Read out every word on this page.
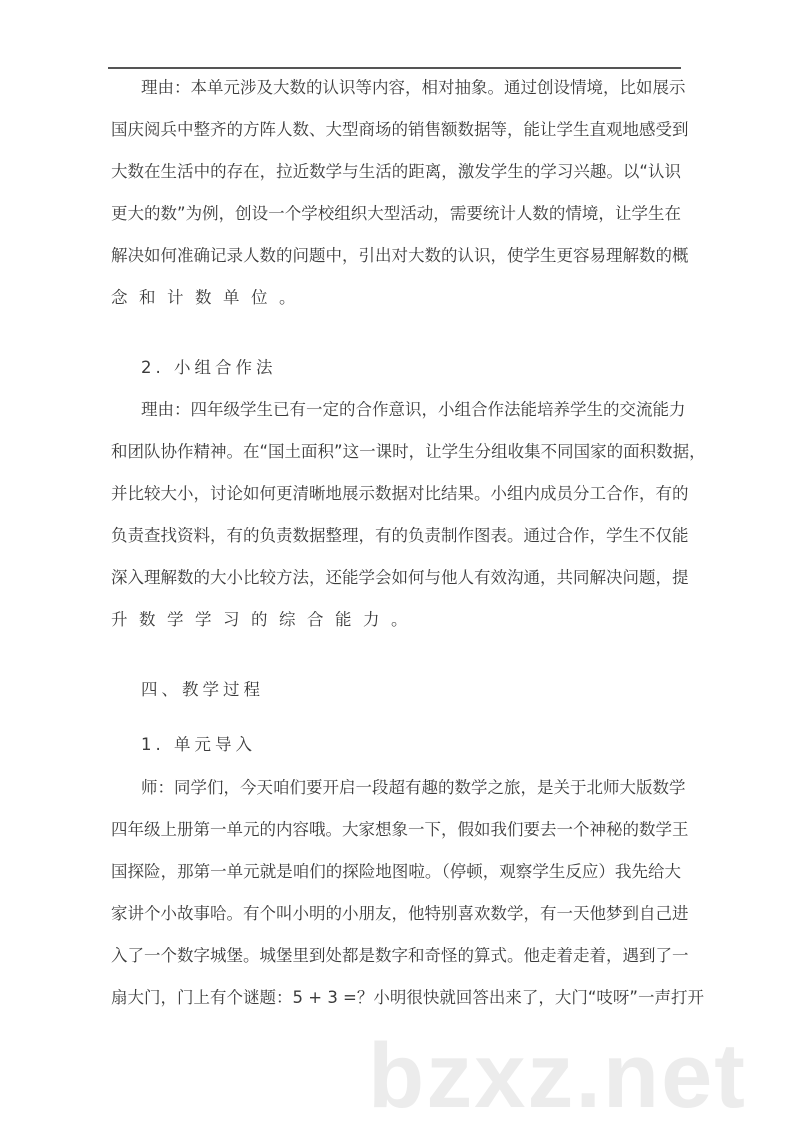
理由：本单元涉及大数的认识等内容，相对抽象。通过创设情境，比如展示
国庆阅兵中整齐的方阵人数、大型商场的销售额数据等，能让学生直观地感受到
大数在生活中的存在，拉近数学与生活的距离，激发学生的学习兴趣。以“认识
更大的数”为例，创设一个学校组织大型活动，需要统计人数的情境，让学生在
解决如何准确记录人数的问题中，引出对大数的认识，使学生更容易理解数的概
念和计数单位。
2. 小组合作法
理由：四年级学生已有一定的合作意识，小组合作法能培养学生的交流能力
和团队协作精神。在“国土面积”这一课时，让学生分组收集不同国家的面积数据，
并比较大小，讨论如何更清晰地展示数据对比结果。小组内成员分工合作，有的
负责查找资料，有的负责数据整理，有的负责制作图表。通过合作，学生不仅能
深入理解数的大小比较方法，还能学会如何与他人有效沟通，共同解决问题，提
升数学学习的综合能力。
四、教学过程
1. 单元导入
师：同学们，今天咱们要开启一段超有趣的数学之旅，是关于北师大版数学
四年级上册第一单元的内容哦。大家想象一下，假如我们要去一个神秘的数学王
国探险，那第一单元就是咱们的探险地图啦。（停顿，观察学生反应）我先给大
家讲个小故事哈。有个叫小明的小朋友，他特别喜欢数学，有一天他梦到自己进
入了一个数字城堡。城堡里到处都是数字和奇怪的算式。他走着走着，遇到了一
扇大门，门上有个谜题：5 + 3 =？小明很快就回答出来了，大门“吱呀”一声打开
bzxz.net
